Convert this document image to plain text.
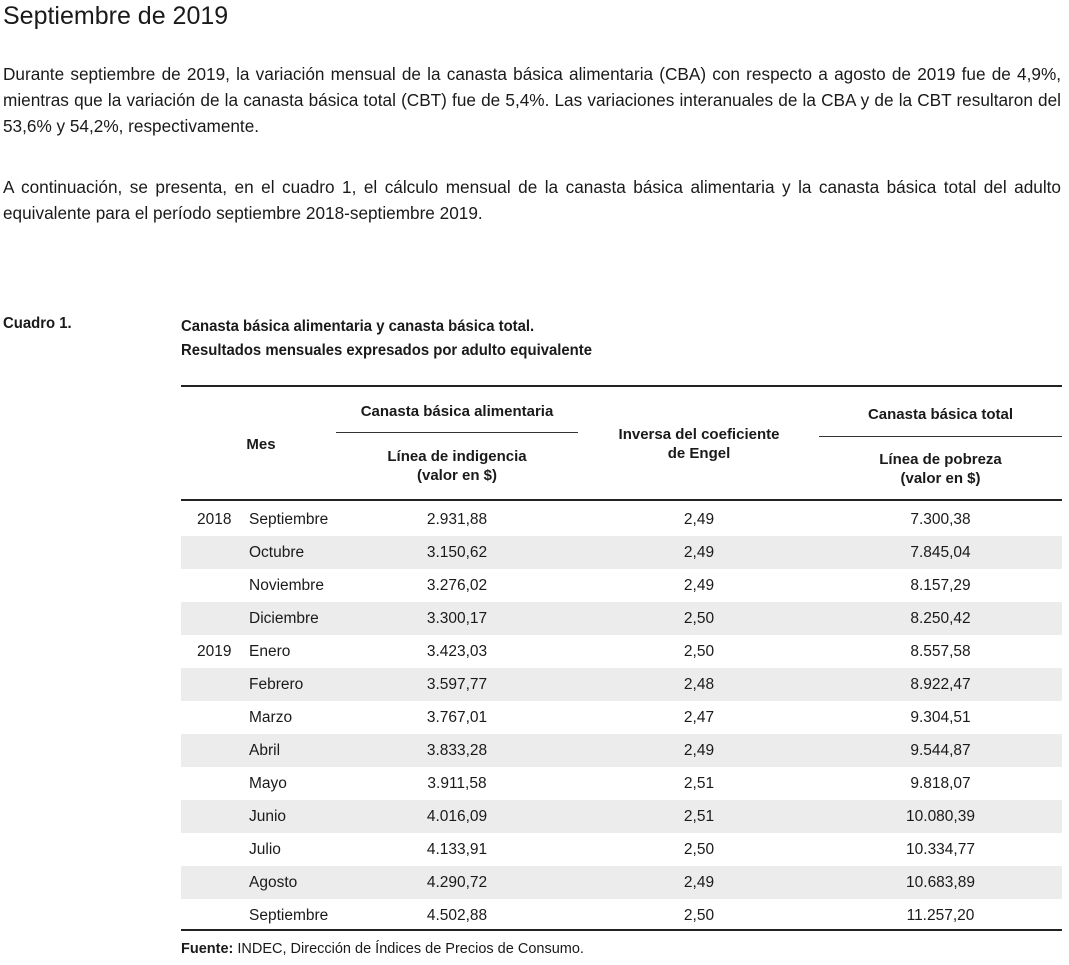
Septiembre de 2019

Durante septiembre de 2019, la variación mensual de la canasta básica alimentaria (CBA) con respecto a agosto de 2019 fue de 4,9%, mientras que la variación de la canasta básica total (CBT) fue de 5,4%. Las variaciones interanuales de la CBA y de la CBT resultaron del 53,6% y 54,2%, respectivamente.

A continuación, se presenta, en el cuadro 1, el cálculo mensual de la canasta básica alimentaria y la canasta básica total del adulto equivalente para el período septiembre 2018-septiembre 2019.

Cuadro 1.	Canasta básica alimentaria y canasta básica total.
Resultados mensuales expresados por adulto equivalente
Mes
Canasta básica alimentaria
Línea de indigencia
(valor en $)
Inversa del coeficiente
de Engel
Canasta básica total
Línea de pobreza
(valor en $)
2018 Septiembre	2.931,88	2,49	7.300,38
Octubre	3.150,62	2,49	7.845,04
Noviembre	3.276,02	2,49	8.157,29
Diciembre	3.300,17	2,50	8.250,42
2019 Enero	3.423,03	2,50	8.557,58
Febrero	3.597,77	2,48	8.922,47
Marzo	3.767,01	2,47	9.304,51
Abril	3.833,28	2,49	9.544,87
Mayo	3.911,58	2,51	9.818,07
Junio	4.016,09	2,51	10.080,39
Julio	4.133,91	2,50	10.334,77
Agosto	4.290,72	2,49	10.683,89
Septiembre	4.502,88	2,50	11.257,20
Fuente: INDEC, Dirección de Índices de Precios de Consumo.
